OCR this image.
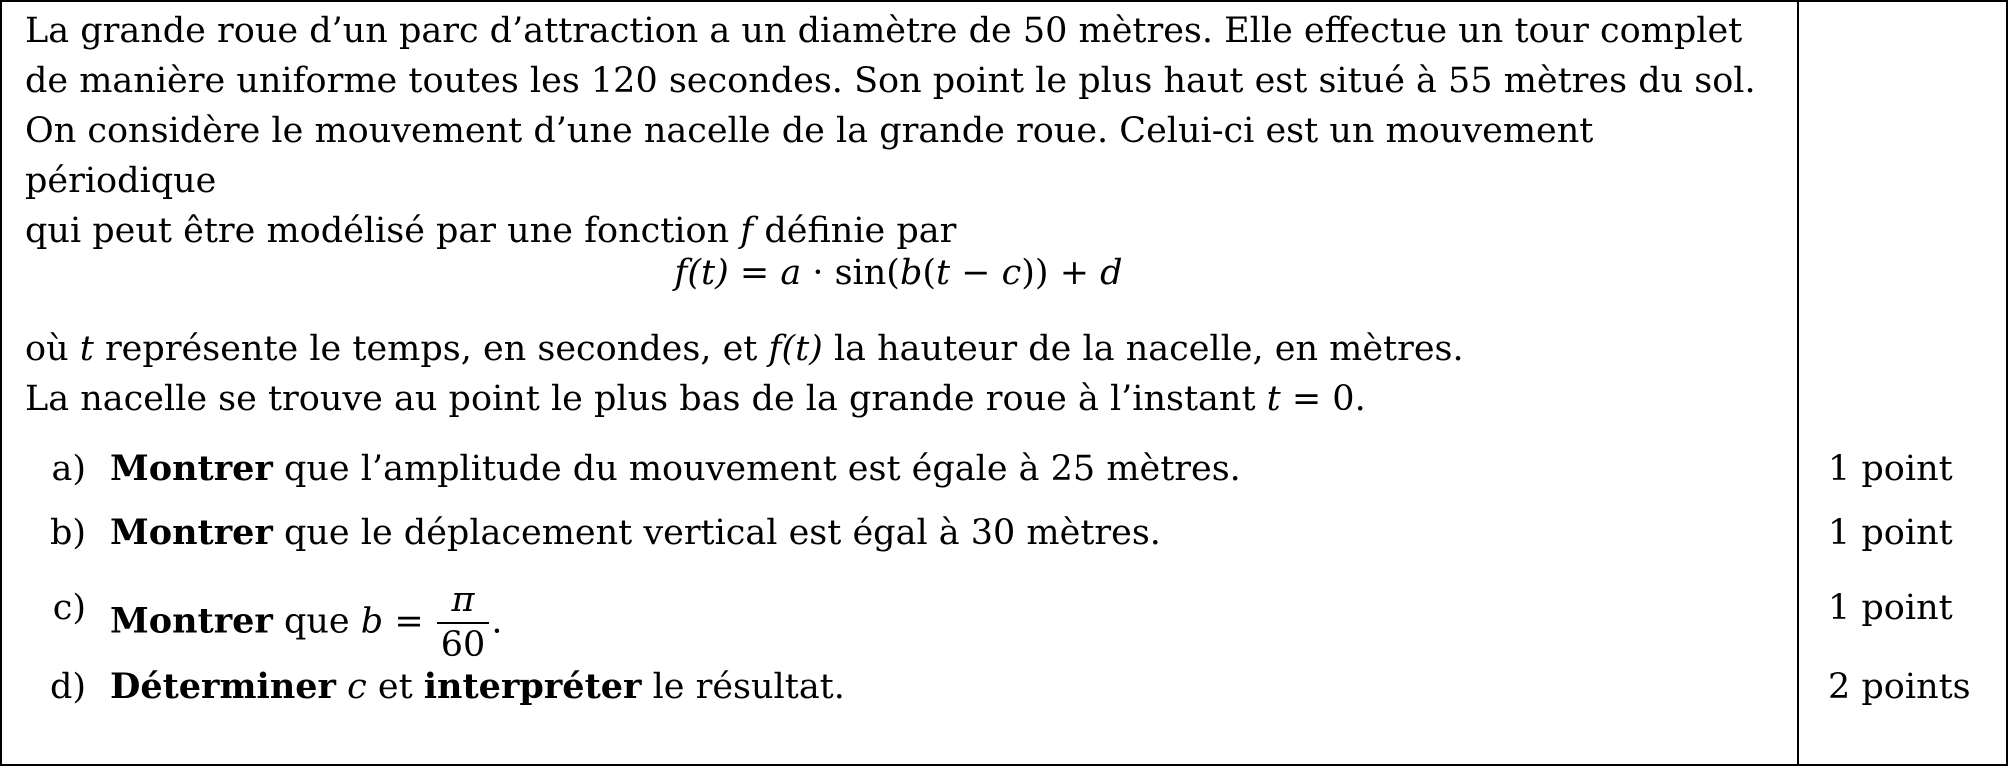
La grande roue d’un parc d’attraction a un diamètre de 50 mètres. Elle effectue un tour complet

de manière uniforme toutes les 120 secondes. Son point le plus haut est situé à 55 mètres du sol.

On considère le mouvement d’une nacelle de la grande roue. Celui-ci est un mouvement périodique

qui peut être modélisé par une fonction f définie par

f(t) = a · sin(b(t − c)) + d

où t représente le temps, en secondes, et f(t) la hauteur de la nacelle, en mètres.

La nacelle se trouve au point le plus bas de la grande roue à l’instant t = 0.

a) Montrer que l’amplitude du mouvement est égale à 25 mètres.	1 point
b) Montrer que le déplacement vertical est égal à 30 mètres.	1 point
c) Montrer que $b = \frac{\pi}{60}$ .	1 point
d) Déterminer c et interpréter le résultat.	2 points
